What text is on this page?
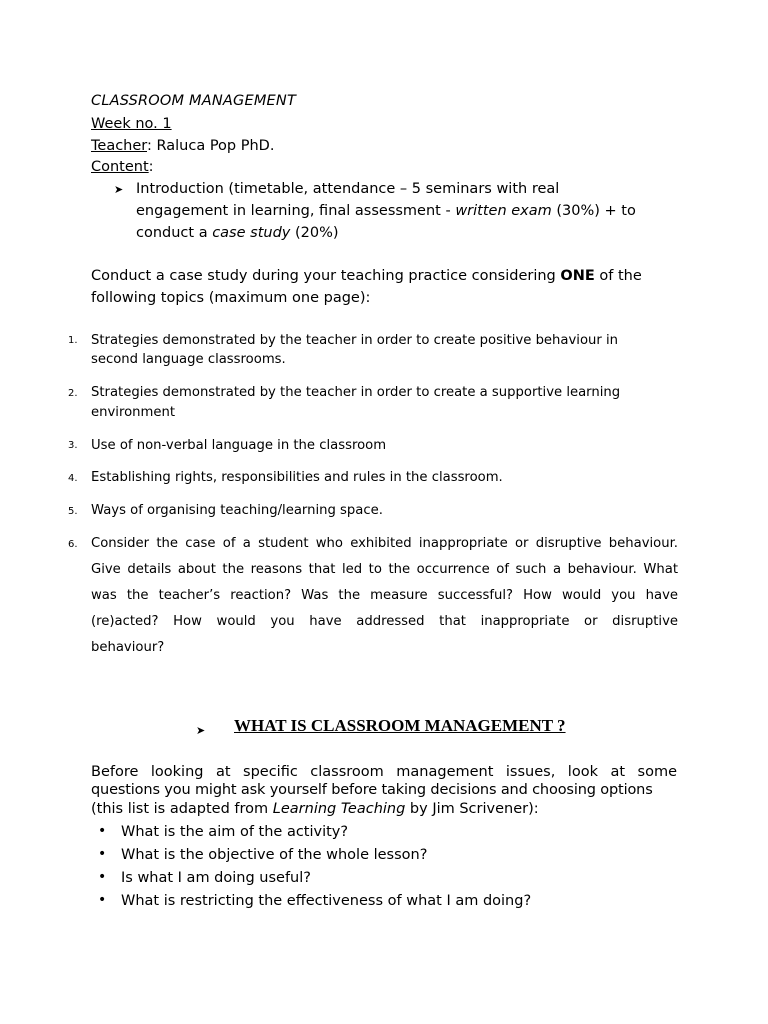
CLASSROOM MANAGEMENT
Week no. 1
Teacher: Raluca Pop PhD.
Content:
➤ Introduction (timetable, attendance – 5 seminars with real
engagement in learning, final assessment - written exam (30%) + to
conduct a case study (20%)
Conduct a case study during your teaching practice considering ONE of the
following topics (maximum one page):
1. Strategies demonstrated by the teacher in order to create positive behaviour in
second language classrooms.
2. Strategies demonstrated by the teacher in order to create a supportive learning
environment
3. Use of non-verbal language in the classroom
4. Establishing rights, responsibilities and rules in the classroom.
5. Ways of organising teaching/learning space.
6. Consider the case of a student who exhibited inappropriate or disruptive behaviour.
Give details about the reasons that led to the occurrence of such a behaviour. What
was the teacher’s reaction? Was the measure successful? How would you have
(re)acted? How would you have addressed that inappropriate or disruptive
behaviour?
➤ WHAT IS CLASSROOM MANAGEMENT ?
Before looking at specific classroom management issues, look at some
questions you might ask yourself before taking decisions and choosing options
(this list is adapted from Learning Teaching by Jim Scrivener):
• What is the aim of the activity?
• What is the objective of the whole lesson?
• Is what I am doing useful?
• What is restricting the effectiveness of what I am doing?
